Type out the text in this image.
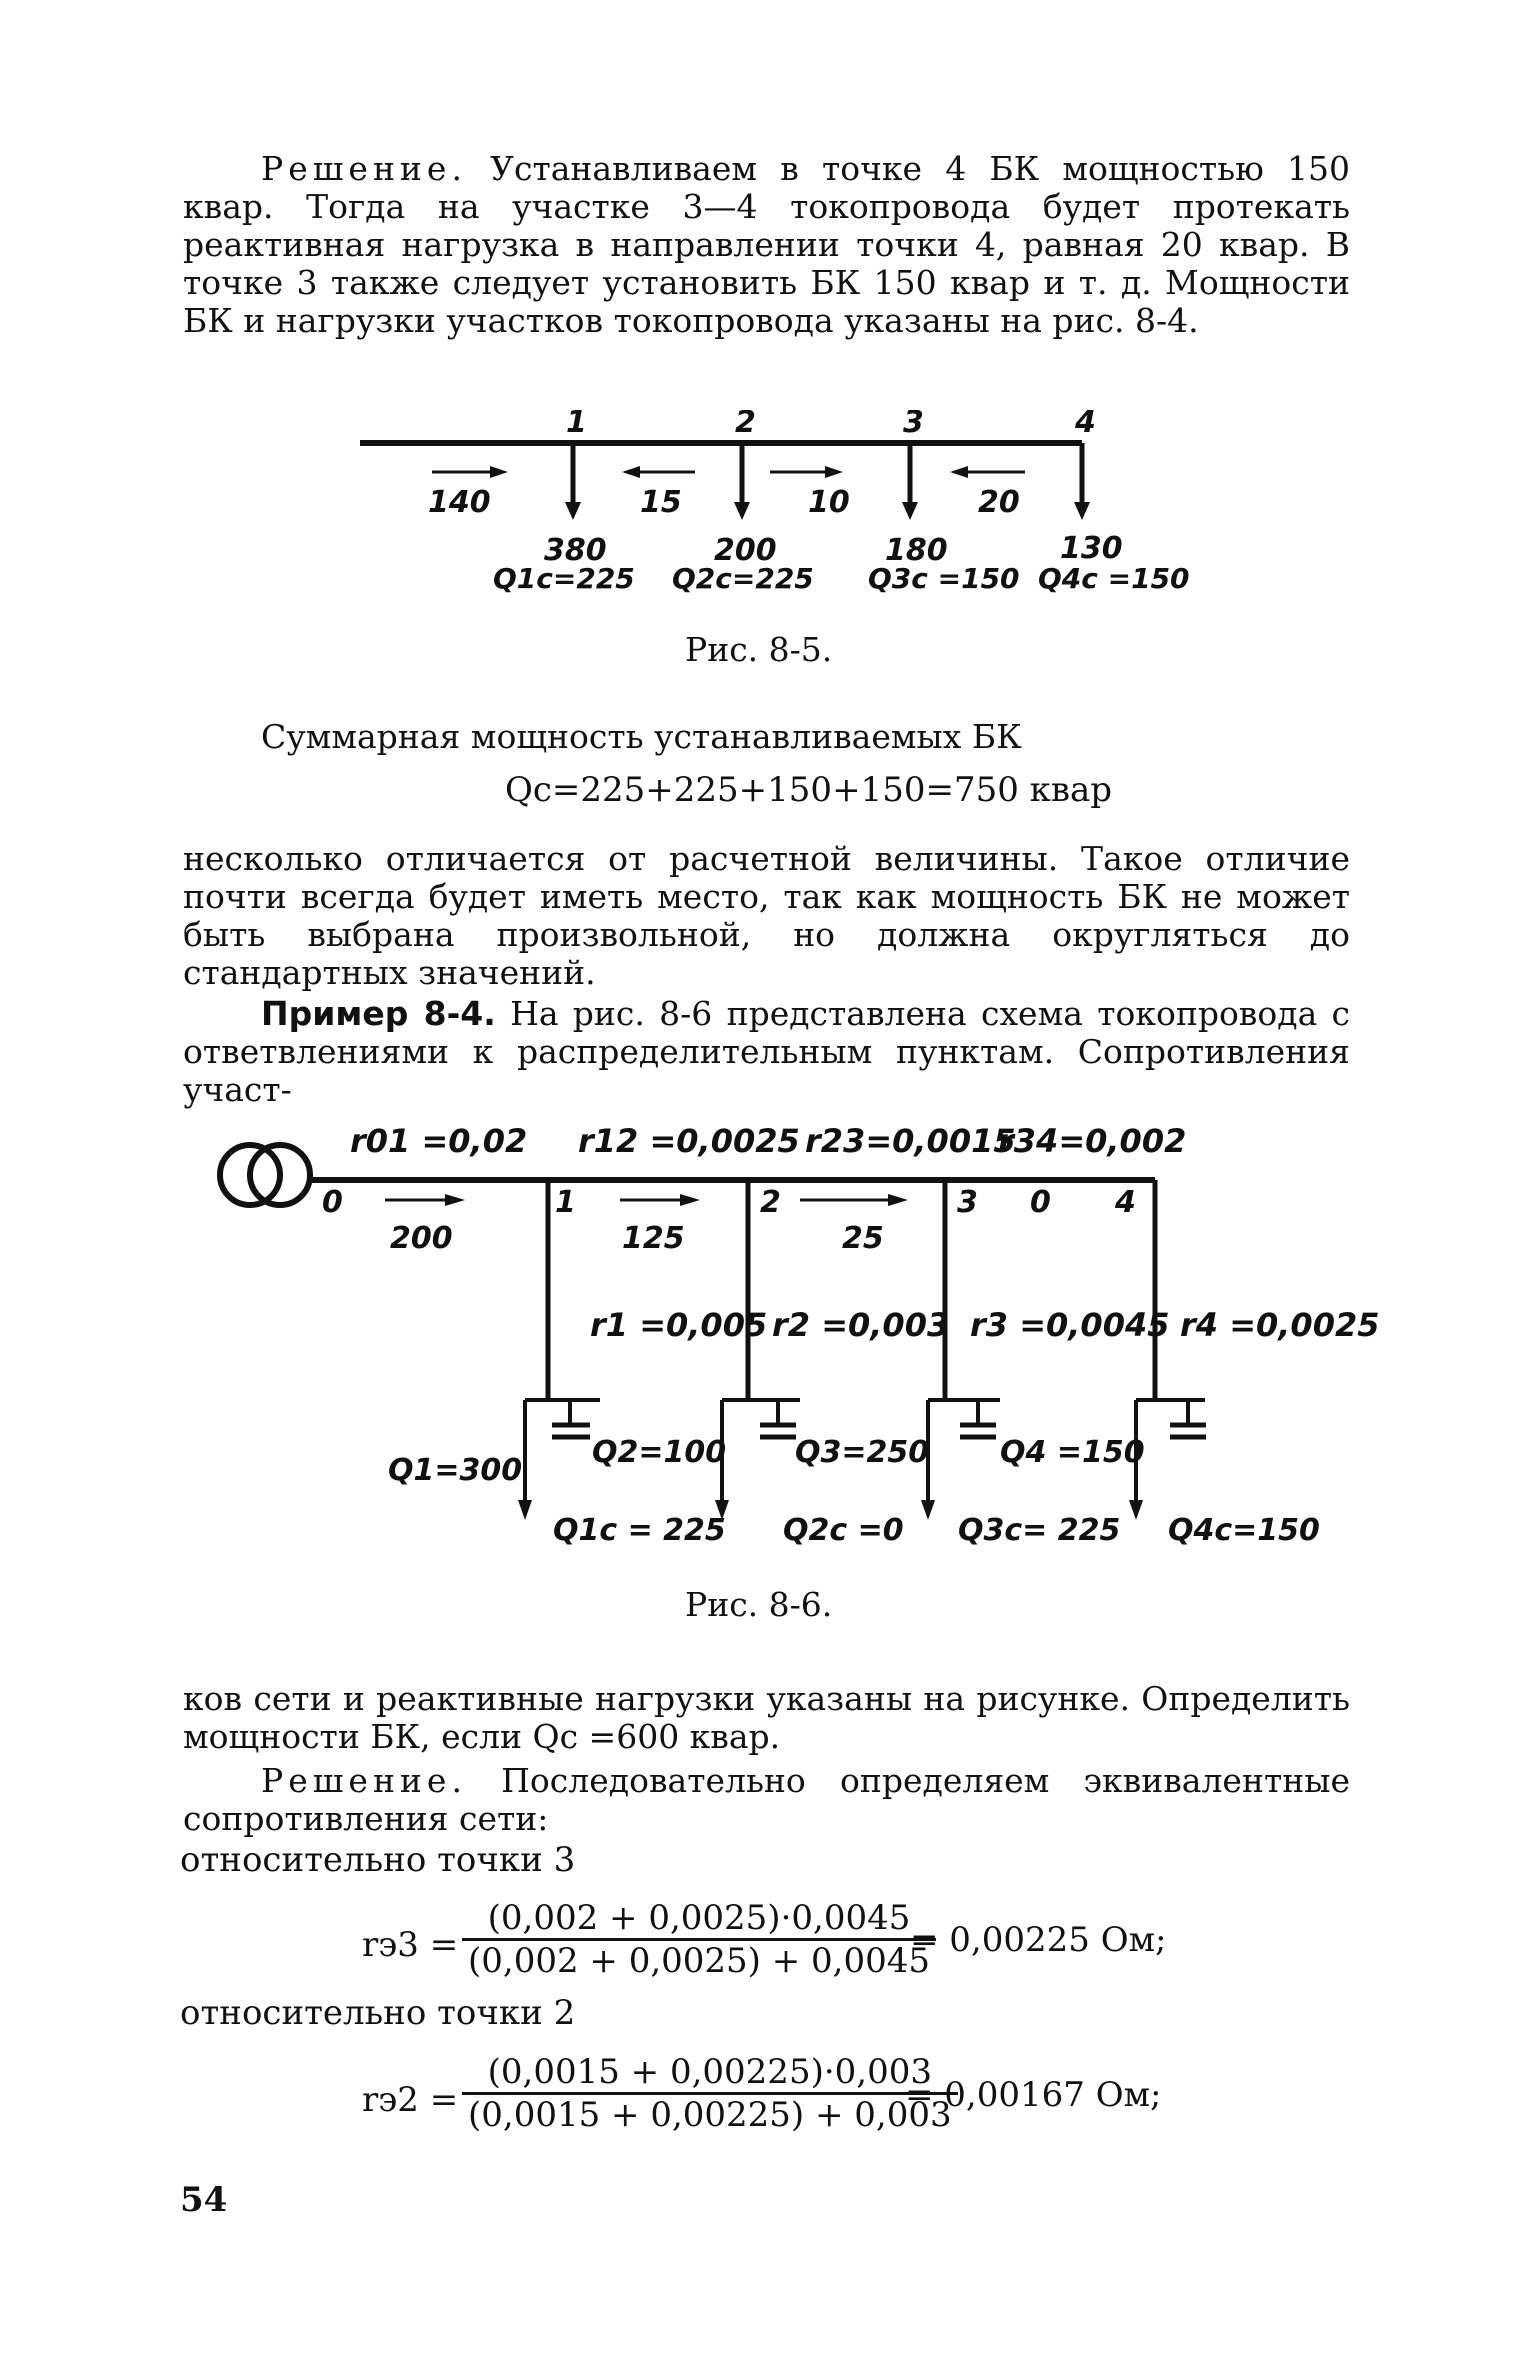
Решение. Устанавливаем в точке 4 БК мощностью 150 квар. Тогда на участке 3—4 токопровода будет протекать реактивная нагрузка в направлении точки 4, равная 20 квар. В точке 3 также следует установить БК 150 квар и т. д. Мощности БК и нагрузки участков токопровода указаны на рис. 8-4.

1	2	3	4
140	15	10	20
380	200	180	130
Q1c=225 Q2c=225 Q3c =150 Q4c =150
Рис. 8-5.

Суммарная мощность устанавливаемых БК

Qc=225+225+150+150=750 квар

несколько отличается от расчетной величины. Такое отличие почти всегда будет иметь место, так как мощность БК не может быть выбрана произвольной, но должна округляться до стандартных значений.

Пример 8-4. На рис. 8-6 представлена схема токопровода с ответвлениями к распределительным пунктам. Сопротивления участ-

r01 =0,02 r12 =0,0025 r23=0,0015
r34=0,002
0	1	2	3 0 4
200	125	25
r1 =0,005 r2 =0,003 r3 =0,0045 r4 =0,0025
Q1=300
Q2=100 Q3=250 Q4 =150
Q1c = 225 Q2c =0 Q3c= 225 Q4c=150
Рис. 8-6.

ков сети и реактивные нагрузки указаны на рисунке. Определить мощности БК, если Qc =600 квар.

Решение. Последовательно определяем эквивалентные сопротивления сети:

относительно точки 3
$rэ3 = \frac{(0,002 + 0,0025)\cdot 0,0045}{(0,002 + 0,0025) + 0,0045}$
= 0,00225 Ом;
относительно точки 2
$rэ2 = \frac{(0,0015 + 0,00225)\cdot 0,003}{(0,0015 + 0,00225) + 0,003}$
= 0,00167 Ом;
54
